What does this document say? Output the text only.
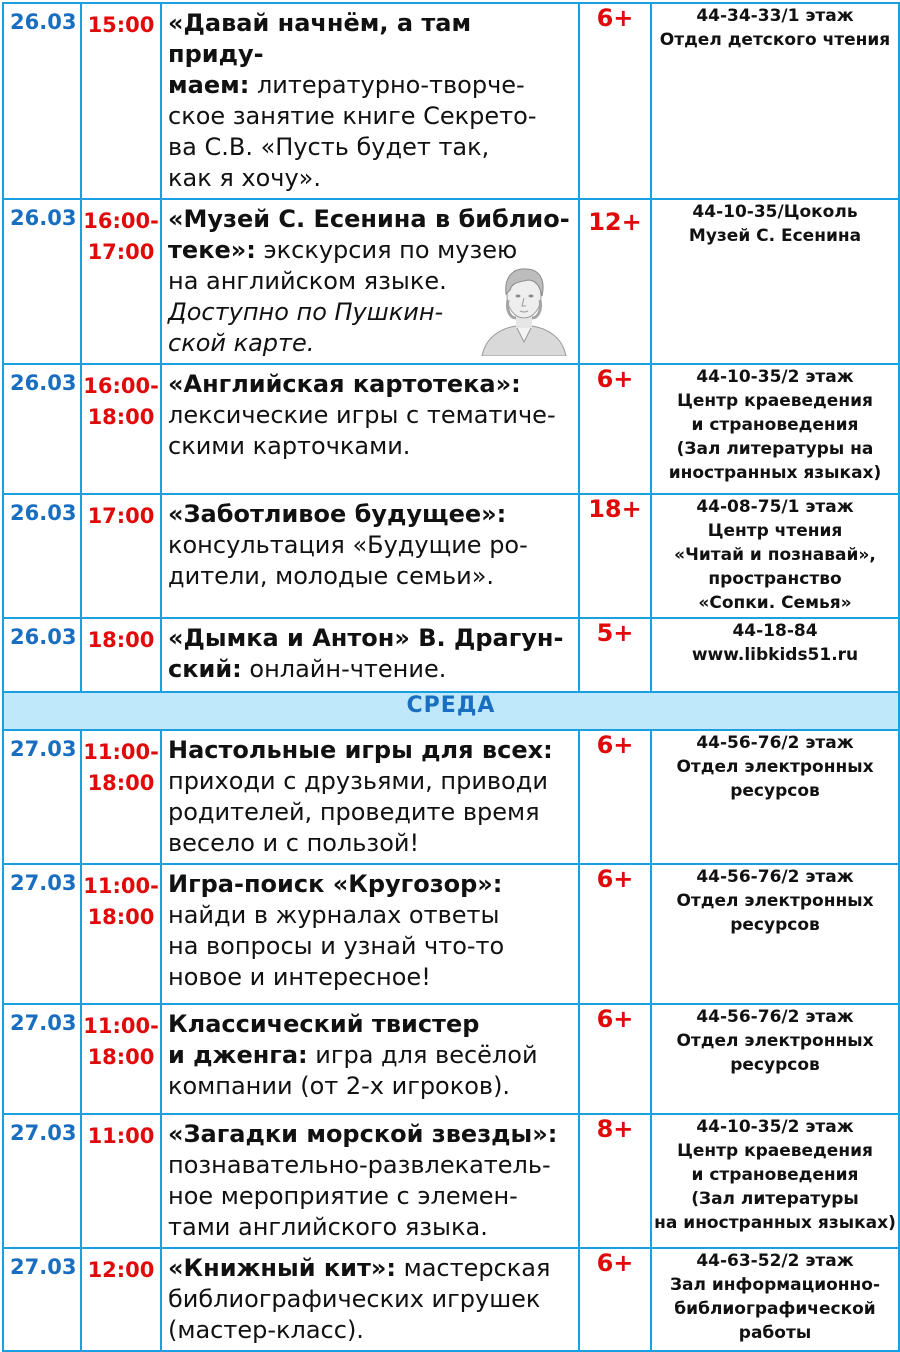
26.03	15:00	«Давай начнём, а там приду-
маем: литературно-творче-
ское занятие книге Секрето-
ва С.В. «Пусть будет так,
как я хочу».	6+	44-34-33/1 этаж
Отдел детского чтения

26.03	16:00-
17:00	«Музей С. Есенина в библио-
теке»: экскурсия по музею
на английском языке.
Доступно по Пушкин-
ской карте.	12+	44-10-35/Цоколь
Музей С. Есенина

26.03	16:00-
18:00	«Английская картотека»:
лексические игры с тематиче-
скими карточками.	6+	44-10-35/2 этаж
Центр краеведения
и страноведения
(Зал литературы на
иностранных языках)

26.03	17:00	«Заботливое будущее»:
консультация «Будущие ро-
дители, молодые семьи».	18+	44-08-75/1 этаж
Центр чтения
«Читай и познавай»,
пространство
«Сопки. Семья»

26.03	18:00	«Дымка и Антон» В. Драгун-
ский: онлайн-чтение.	5+	44-18-84
www.libkids51.ru

СРЕДА				

27.03	11:00-
18:00	Настольные игры для всех:
приходи с друзьями, приводи
родителей, проведите время
весело и с пользой!	6+	44-56-76/2 этаж
Отдел электронных
ресурсов

27.03	11:00-
18:00	Игра-поиск «Кругозор»:
найди в журналах ответы
на вопросы и узнай что-то
новое и интересное!	6+	44-56-76/2 этаж
Отдел электронных
ресурсов

27.03	11:00-
18:00	Классический твистер
и дженга: игра для весёлой
компании (от 2-х игроков).	6+	44-56-76/2 этаж
Отдел электронных
ресурсов

27.03	11:00	«Загадки морской звезды»:
познавательно-развлекатель-
ное мероприятие с элемен-
тами английского языка.	8+	44-10-35/2 этаж
Центр краеведения
и страноведения
(Зал литературы
на иностранных языках)

27.03	12:00	«Книжный кит»: мастерская
библиографических игрушек
(мастер-класс).	6+	44-63-52/2 этаж
Зал информационно-
библиографической
работы
